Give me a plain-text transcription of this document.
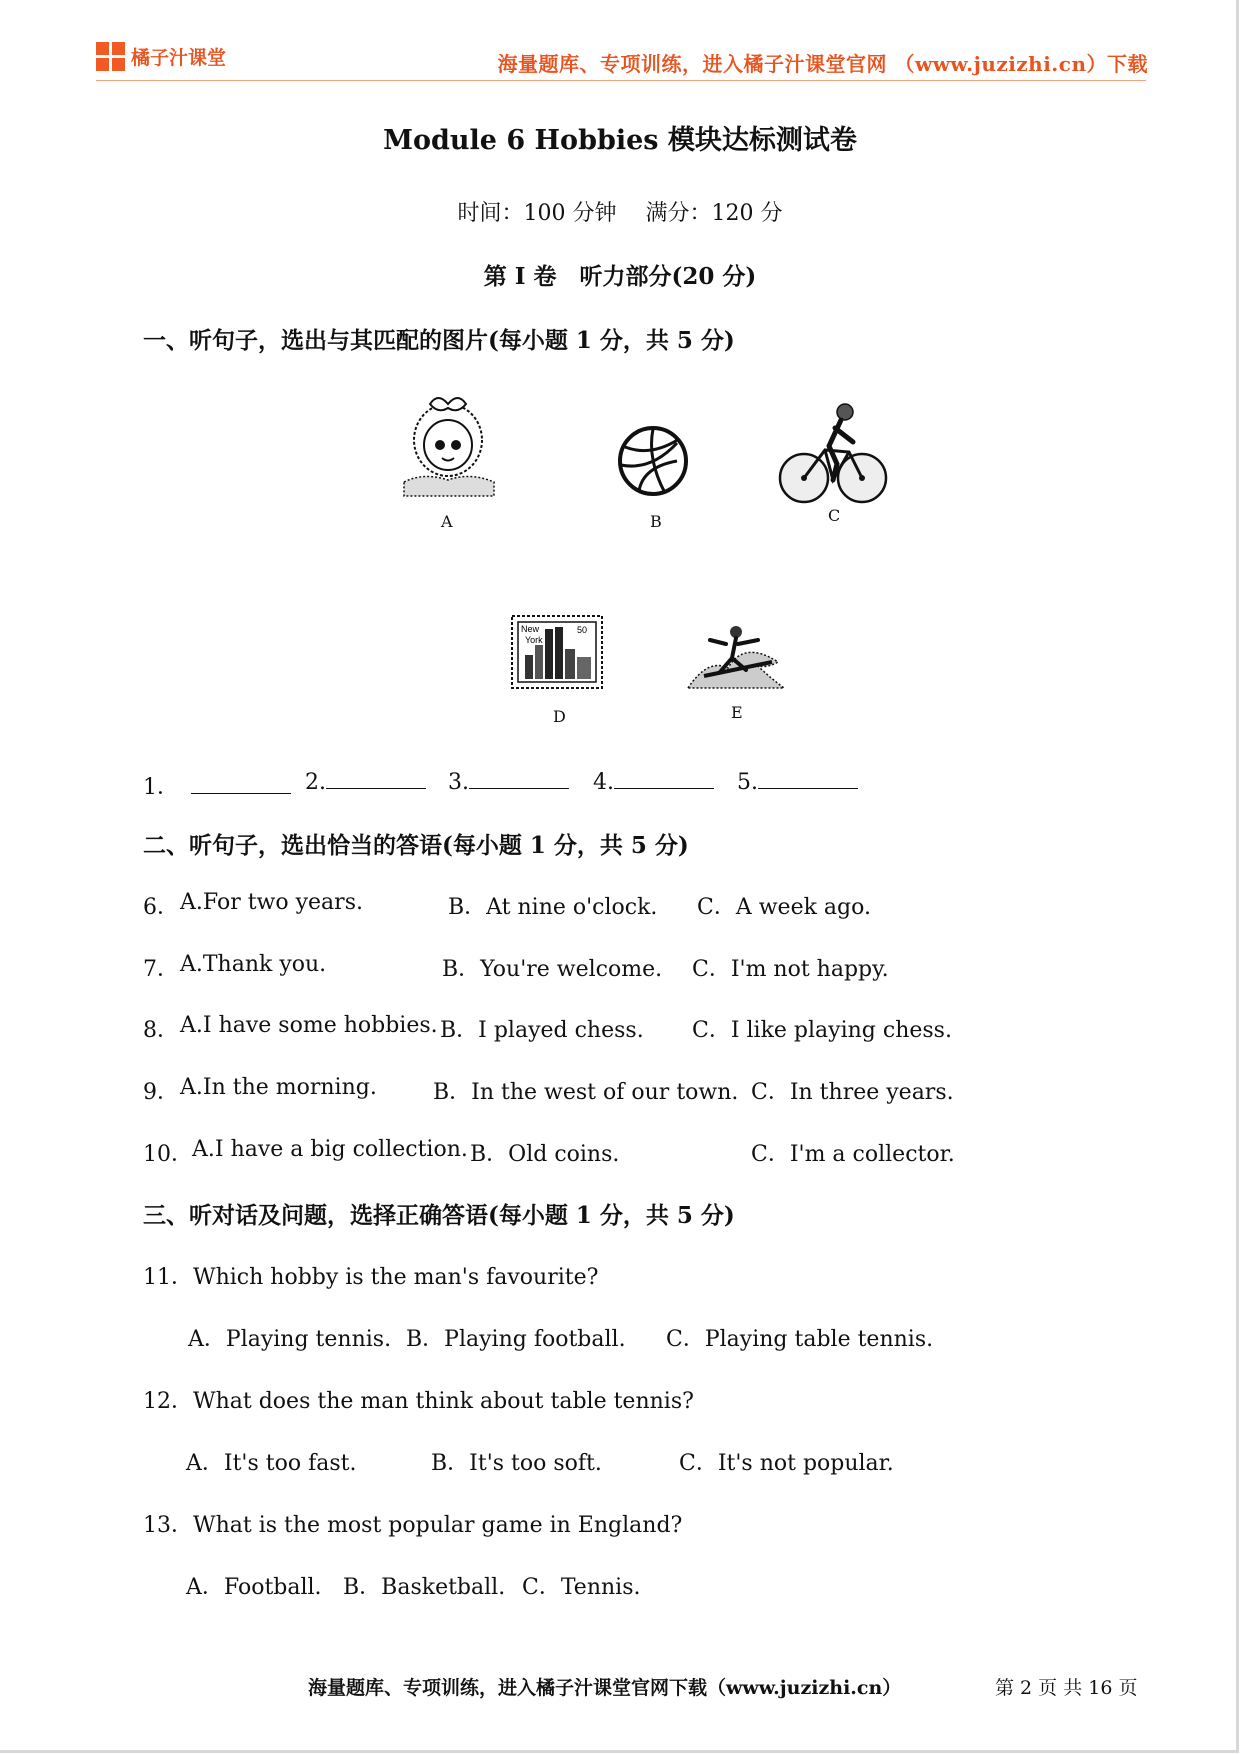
橘子汁课堂	海量题库、专项训练，进入橘子汁课堂官网 （www.juzizhi.cn）下载
Module 6 Hobbies 模块达标测试卷
时间：100 分钟　 满分：120 分
第 Ⅰ 卷　听力部分(20 分)
一、听句子，选出与其匹配的图片(每小题 1 分，共 5 分)
A	B	C
New
York
50
D	E
1．	2.	3.	4.	5.
二、听句子，选出恰当的答语(每小题 1 分，共 5 分)
6． A.For two years.	B．At nine o'clock. C．A week ago.
7． A.Thank you.	B．You're welcome. C．I'm not happy.
8． A.I have some hobbies. B．I played chess. C．I like playing chess.
9． A.In the morning.	B．In the west of our town. C．In three years.
10． A.I have a big collection. B．Old coins.	C．I'm a collector.
三、听对话及问题，选择正确答语(每小题 1 分，共 5 分)
11．Which hobby is the man's favourite?
A．Playing tennis. B．Playing football. C．Playing table tennis.
12．What does the man think about table tennis?
A．It's too fast.	B．It's too soft.	C．It's not popular.
13．What is the most popular game in England?
A．Football. B．Basketball. C．Tennis.
海量题库、专项训练，进入橘子汁课堂官网下载（www.juzizhi.cn）	第 2 页 共 16 页
